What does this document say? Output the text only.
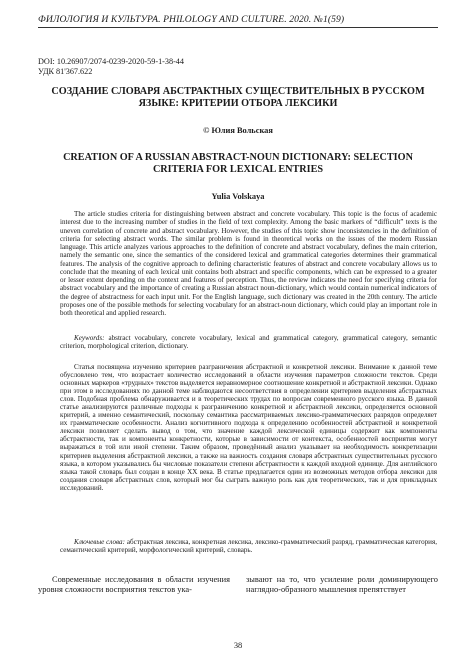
ФИЛОЛОГИЯ И КУЛЬТУРА. PHILOLOGY AND CULTURE. 2020. №1(59)
DOI: 10.26907/2074-0239-2020-59-1-38-44
УДК 81'367.622
СОЗДАНИЕ СЛОВАРЯ АБСТРАКТНЫХ СУЩЕСТВИТЕЛЬНЫХ В РУССКОМ ЯЗЫКЕ: КРИТЕРИИ ОТБОРА ЛЕКСИКИ
© Юлия Вольская
CREATION OF A RUSSIAN ABSTRACT-NOUN DICTIONARY: SELECTION CRITERIA FOR LEXICAL ENTRIES
Yulia Volskaya

The article studies criteria for distinguishing between abstract and concrete vocabulary. This topic is the focus of academic interest due to the increasing number of studies in the field of text complexity. Among the basic markers of “difficult” texts is the uneven correlation of concrete and abstract vocabulary. However, the studies of this topic show inconsistencies in the definition of criteria for selecting abstract words. The similar problem is found in theoretical works on the issues of the modern Russian language. This article analyzes various approaches to the definition of concrete and abstract vocabulary, defines the main criterion, namely the semantic one, since the semantics of the considered lexical and grammatical categories determines their grammatical features. The analysis of the cognitive approach to defining characteristic features of abstract and concrete vocabulary allows us to conclude that the meaning of each lexical unit contains both abstract and specific components, which can be expressed to a greater or lesser extent depending on the context and features of perception. Thus, the review indicates the need for specifying criteria for abstract vocabulary and the importance of creating a Russian abstract noun-dictionary, which would contain numerical indicators of the degree of abstractness for each input unit. For the English language, such dictionary was created in the 20th century. The article proposes one of the possible methods for selecting vocabulary for an abstract-noun dictionary, which could play an important role in both theoretical and applied research.

Keywords: abstract vocabulary, concrete vocabulary, lexical and grammatical category, grammatical category, semantic criterion, morphological criterion, dictionary.

Статья посвящена изучению критериев разграничения абстрактной и конкретной лексики. Внимание к данной теме обусловлено тем, что возрастает количество исследований в области изучения параметров сложности текстов. Среди основных маркеров «трудных» текстов выделяется неравномерное соотношение конкретной и абстрактной лексики. Однако при этом в исследованиях по данной теме наблюдаются несоответствия в определении критериев выделения абстрактных слов. Подобная проблема обнаруживается и в теоретических трудах по вопросам современного русского языка. В данной статье анализируются различные подходы к разграничению конкретной и абстрактной лексики, определяется основной критерий, а именно семантический, поскольку семантика рассматриваемых лексико-грамматических разрядов определяет их грамматические особенности. Анализ когнитивного подхода к определению особенностей абстрактной и конкретной лексики позволяет сделать вывод о том, что значение каждой лексической единицы содержит как компоненты абстрактности, так и компоненты конкретности, которые в зависимости от контекста, особенностей восприятия могут выражаться в той или иной степени. Таким образом, проведённый анализ указывает на необходимость конкретизации критериев выделения абстрактной лексики, а также на важность создания словаря абстрактных существительных русского языка, в котором указывались бы числовые показатели степени абстрактности к каждой входной единице. Для английского языка такой словарь был создан в конце XX века. В статье предлагается один из возможных методов отбора лексики для создания словаря абстрактных слов, который мог бы сыграть важную роль как для теоретических, так и для прикладных исследований.

Ключевые слова: абстрактная лексика, конкретная лексика, лексико-грамматический разряд, грамматическая категория, семантический критерий, морфологический критерий, словарь.

Современные исследования в области изучения уровня сложности восприятия текстов ука-

зывают на то, что усиление роли доминирующего наглядно-образного мышления препятствует

38
